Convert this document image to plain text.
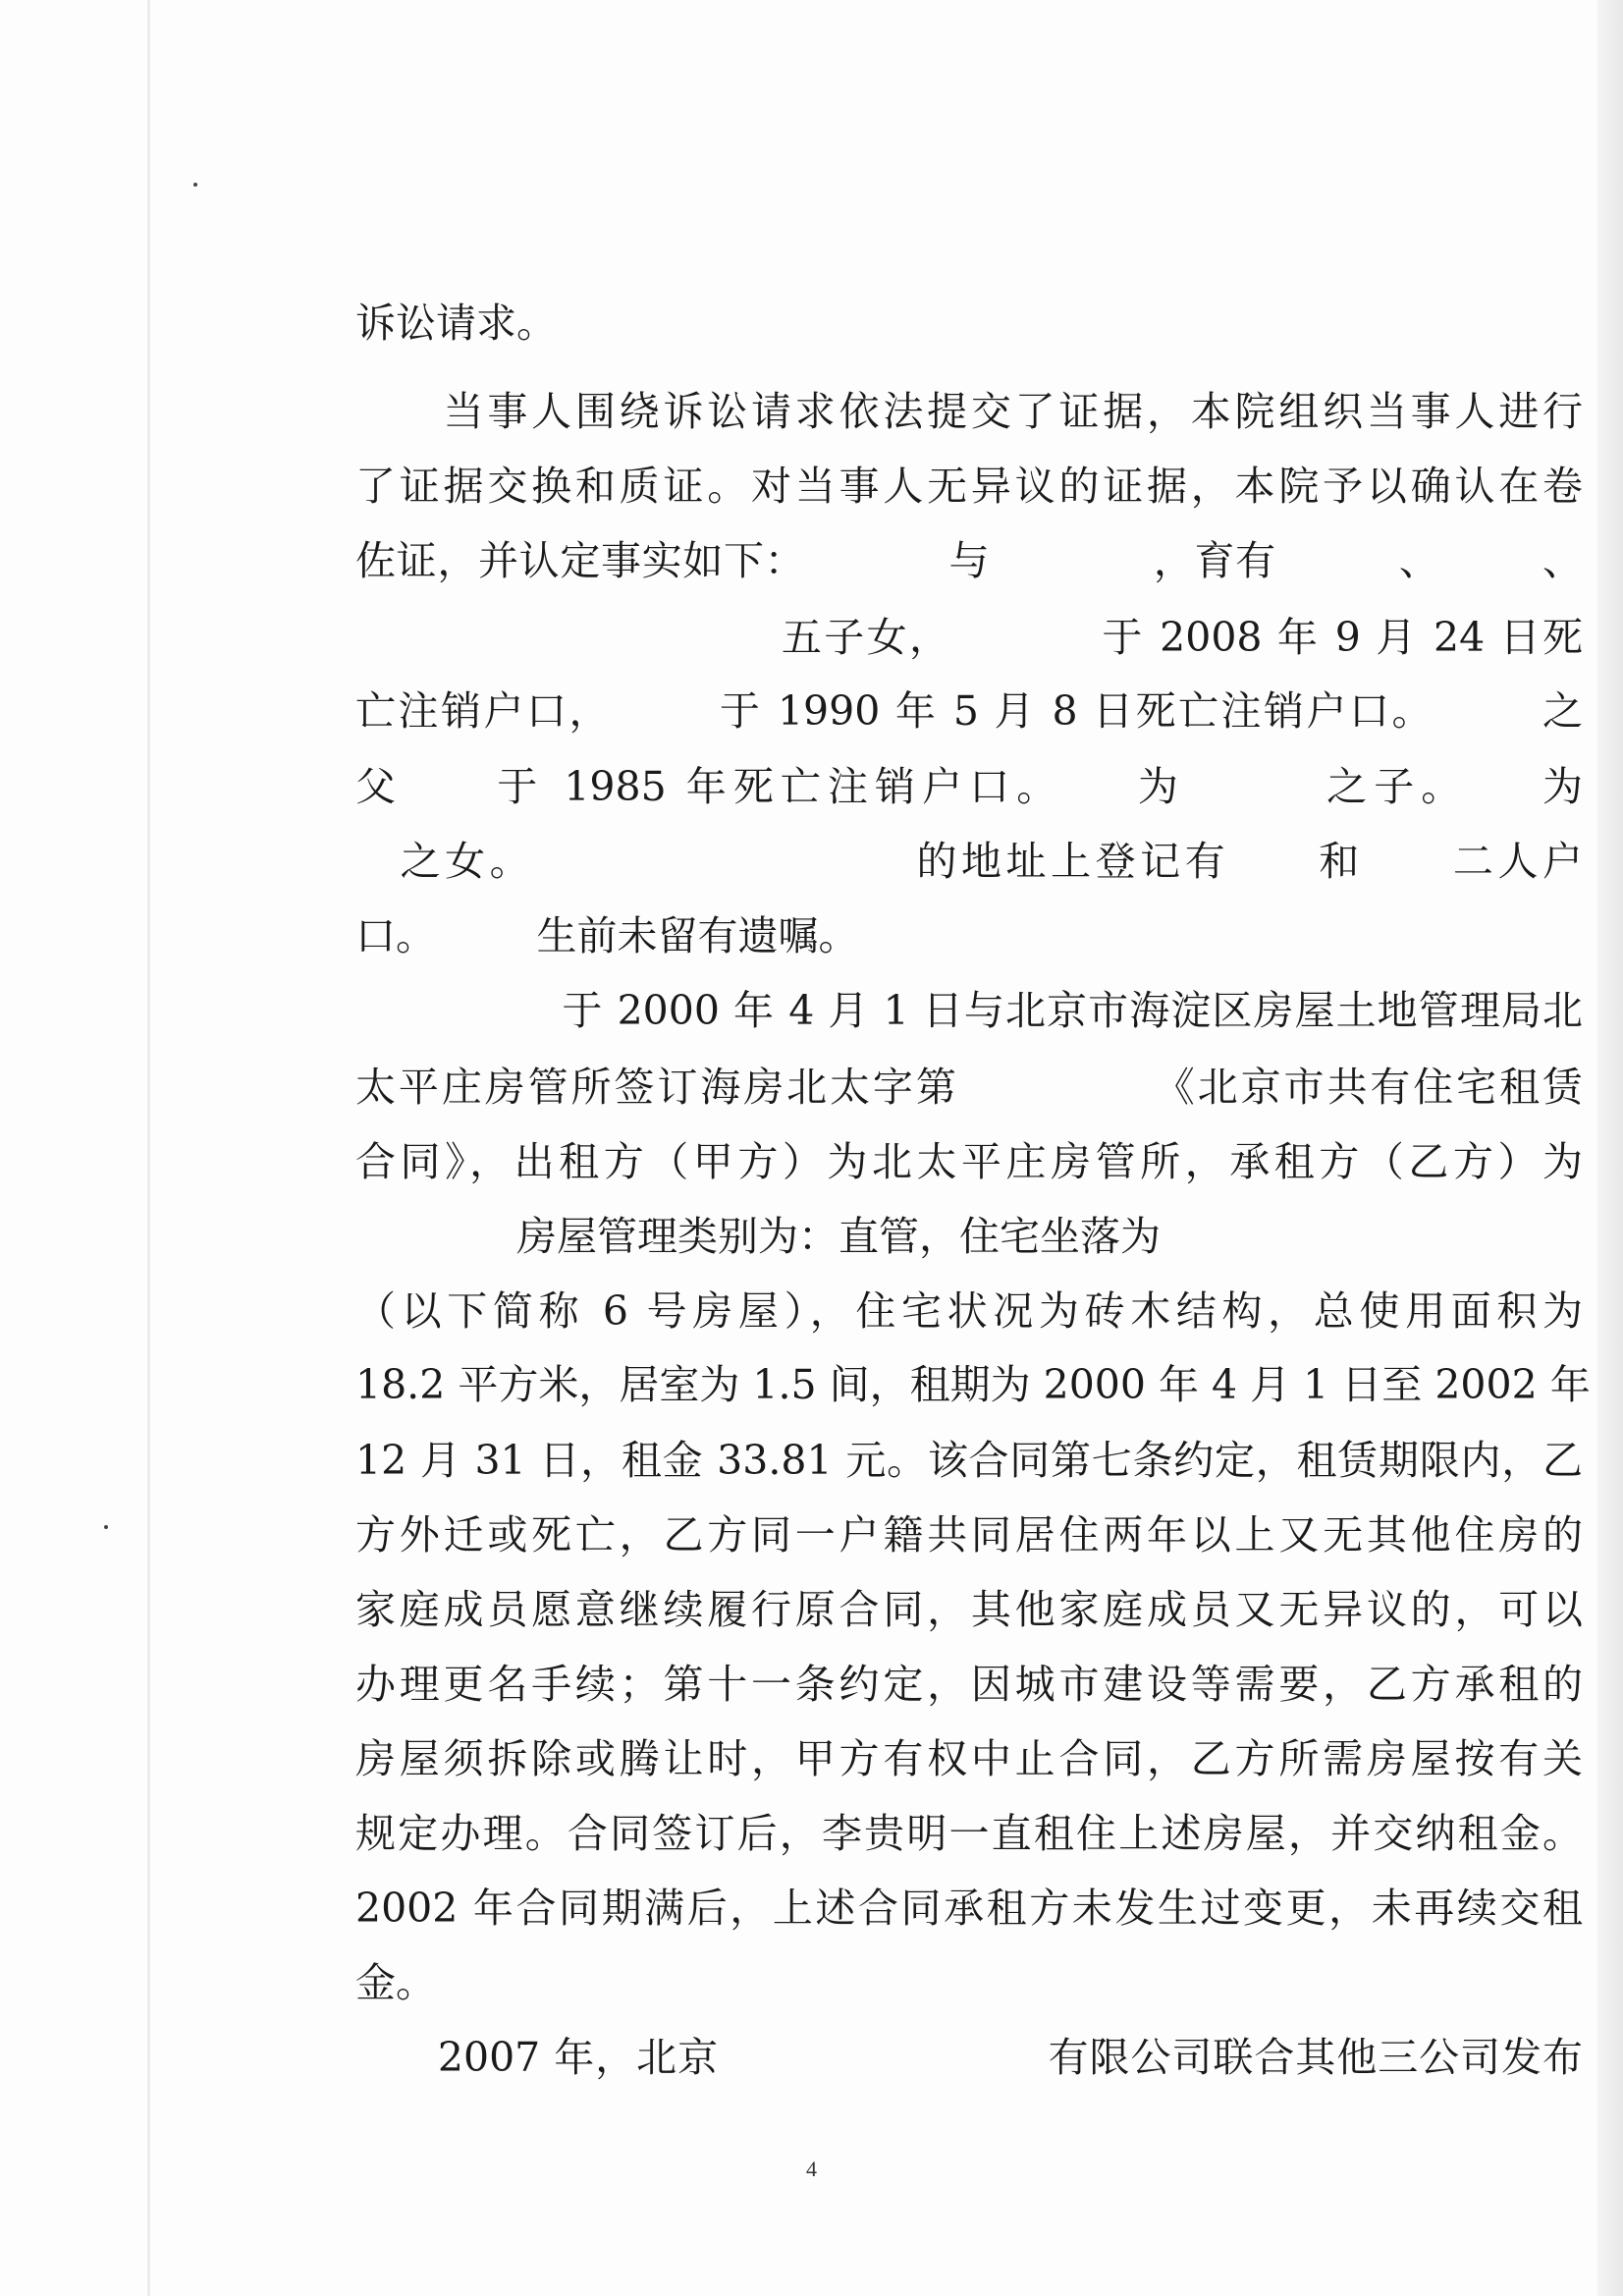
诉讼请求。
　　当事人围绕诉讼请求依法提交了证据，本院组织当事人进行
了证据交换和质证。对当事人无异议的证据，本院予以确认在卷
佐证，并认定事实如下：　　　　与　　　　，育有　　　、　　　、
　　　　　　　　　　五子女，　　　　于 2008 年 9 月 24 日死
亡注销户口，　　　于 1990 年 5 月 8 日死亡注销户口。　　　之
父　　于 1985 年死亡注销户口。　　为　　　之子。　　为
　之女。　　　　　　　　　的地址上登记有　　和　　二人户
口。　　　生前未留有遗嘱。
　　　　　于 2000 年 4 月 1 日与北京市海淀区房屋土地管理局北
太平庄房管所签订海房北太字第　　　　　《北京市共有住宅租赁
合同》，出租方（甲方）为北太平庄房管所，承租方（乙方）为
　　　　房屋管理类别为：直管，住宅坐落为
（以下简称 6 号房屋），住宅状况为砖木结构，总使用面积为
18.2 平方米，居室为 1.5 间，租期为 2000 年 4 月 1 日至 2002 年
12 月 31 日，租金 33.81 元。该合同第七条约定，租赁期限内，乙
方外迁或死亡，乙方同一户籍共同居住两年以上又无其他住房的
家庭成员愿意继续履行原合同，其他家庭成员又无异议的，可以
办理更名手续；第十一条约定，因城市建设等需要，乙方承租的
房屋须拆除或腾让时，甲方有权中止合同，乙方所需房屋按有关
规定办理。合同签订后，李贵明一直租住上述房屋，并交纳租金。
2002 年合同期满后，上述合同承租方未发生过变更，未再续交租
金。
　　2007 年，北京　　　　　　　　有限公司联合其他三公司发布
4
